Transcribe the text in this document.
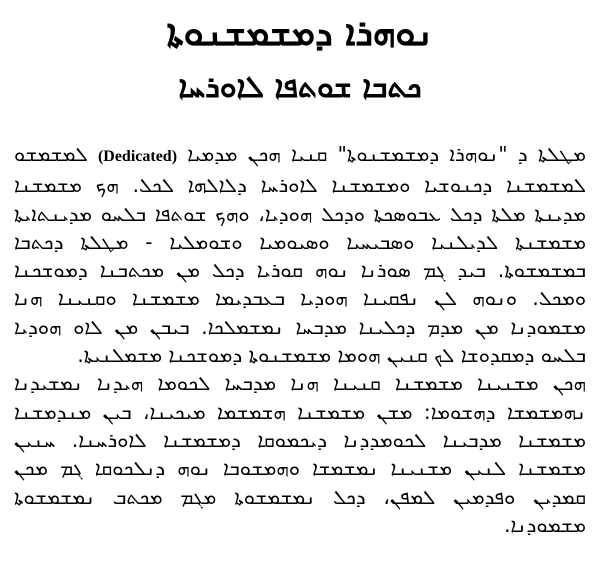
ܢܘܗܪܐ ܕܡܫܡܫܢܘܬܐ
ܟܬܒܐ ܫܘܬܦܐ ܠܐܘܪܚܐ

ܡܛܠܬܐ ܕ "ܢܘܗܪܐ ܕܡܫܡܫܢܘܬܐ" ܩܢܝܐ ܗܟܢ ܡܕܡܝܐ (Dedicated) ܠܡܫܡܫܘ ܠܡܫܡܫܢܐ ܕܟܢܘܫܝܐ ܘܡܫܡܫܢܐ ܠܐܘܪܚܐ ܕܠܐܠܗܐ ܠܟܠ. ܗܟ ܡܫܡܫܢܐ ܡܕܝܢܬܐ ܡܠܬܐ ܕܟܠ ܥܒܘܣܟܬܐ ܘܕܟܠ ܗܘܕܝܐ، ܘܗܟ ܫܘܬܦܐ ܒܠܚܘ ܡܕܝܢܬܐܝܬܐ ܡܫܡܫܢܬܐ ܠܕܝܠܢܝܐ ܘܣܒܝܚܝܐ ܘܣܝܘܡܝܐ ܘܫܘܡܠܝܐ - ܡܛܠܬܐ ܕܟܬܒܐ ܒܡܫܡܫܘܬܐ. ܒܝܕ ܓܡ ܣܘܪܢܐ ܢܘܗ ܩܘܪܝܐ ܕܟܠ ܡܢ ܡܟܬܒܢܐ ܕܡܘܫܟܢܐ ܘܡܟܠ. ܘܢܘܗ ܠܢ ܢܦܩܝܢܐ ܗܘܕܝܐ ܒܥܒܕܝܡܐ ܡܫܡܫܢܐ ܘܩܢܝܢܐ ܗܢܐ ܡܫܡܘܕܢܐ ܡܢ ܡܕܡ ܕܟܠܝܢܐ ܡܕܒܚܐ ܢܡܫܡܠܟܐ. ܒܝܒܢ ܡܢ ܠܐܘ ܗܘܕܝܐ ܒܠܚܘ ܕܡܩܕܘܫܐ ܠܟ ܩܢܝܢ ܗܘܡܐ ܡܫܡܫܢܘܬܐ ܕܡܘܫܟܢܐ ܡܫܡܠܢܝܬܐ.

ܗܟܢ ܡܫܢܝܢܐ ܡܫܡܫܢܐ ܩܢܝܢܐ ܗܢܐ ܡܕܒܚܐ ܠܟܘܡܐ ܗܝܕܢܐ ܢܡܫܝܕܢܐ ܢܗܡܫܡܫܐ ܕܗܫܘܡܐ: ܡܫܢ ܡܫܡܫܢܐ ܗܫܡܫܡܐ ܡܝܟܝܢܐ، ܒܝܢ ܡܢܕܡܫܢܐ ܡܫܡܫܢܐ ܡܕܒܝܢܐ ܠܟܘܡܕܕܢܐ ܕܝܟܡܘܩܐ ܕܡܫܡܫܢܐ ܠܐܘܪܚܢܐ. ܚܢܝܢ ܡܫܡܫܢܐ ܠܢܝܢ ܡܫܢܝܢܐ ܢܡܫܡܫܐ ܘܗܡܫܘܒܐ ܢܘܗ ܕܢܠܟܘܩܐ ܓܡ ܡܟܢ ܩܡܕܝܢ ܘܦܕܡܝܢ ܠܡܦܢ، ܕܟܠ ܢܡܫܡܫܘܬܐ ܡܓܡ ܡܟܬܒ ܢܡܫܡܫܘܬܐ ܡܫܡܘܕܢܐ.
